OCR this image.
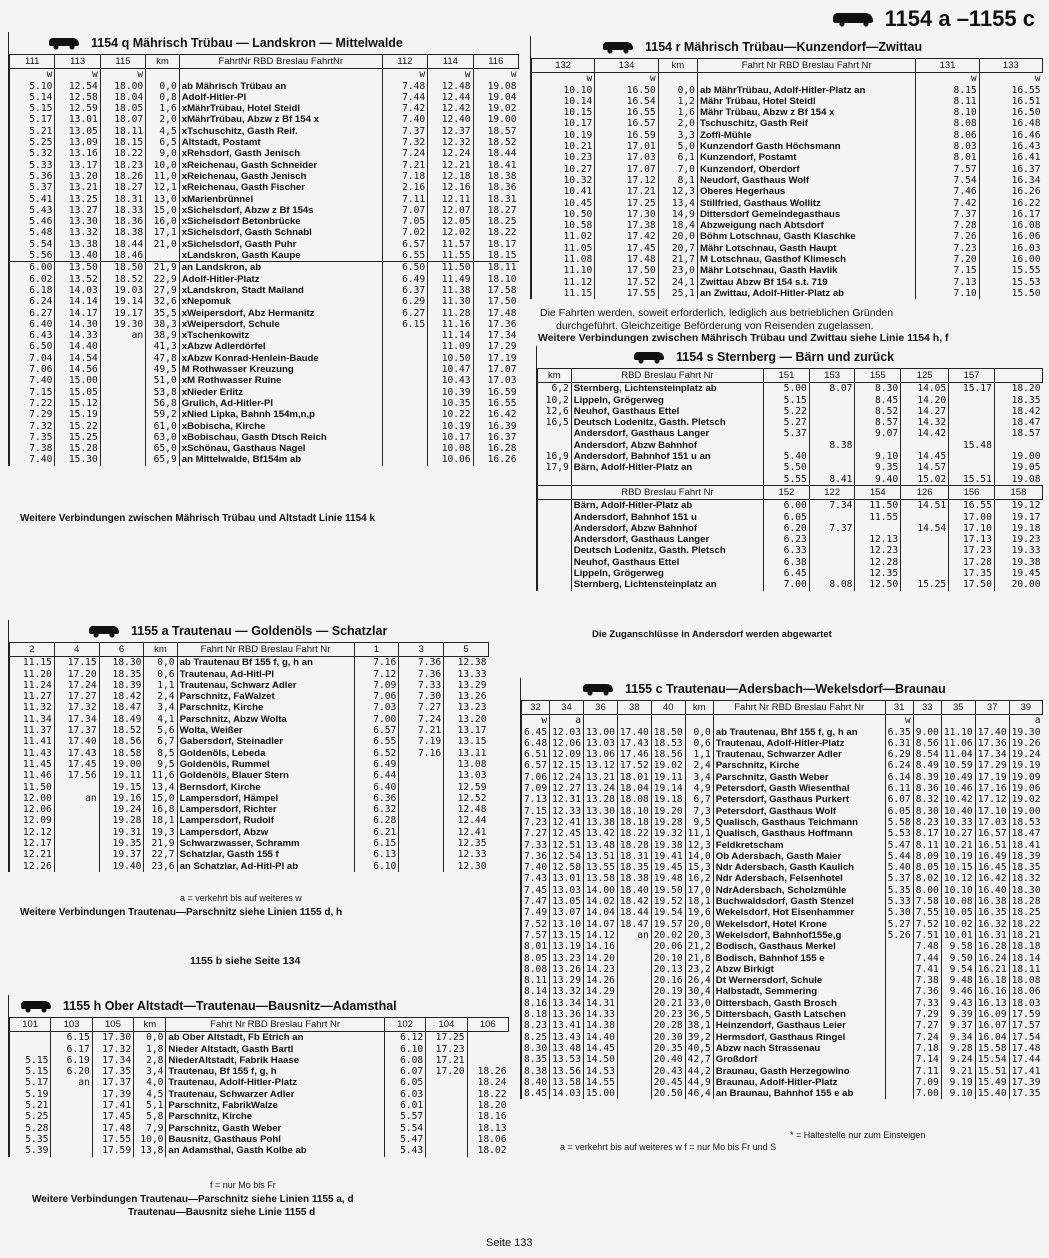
1154 a –1155 c
1154 q Mährisch Trübau — Landskron — Mittelwalde
111	113	115	km	FahrtNr RBD Breslau FahrtNr	112	114	116
w	w	w			w	w	w
5.10	12.54	18.00	0,0	ab Mährisch Trübau an	7.48	12.48	19.08
5.14	12.58	18.04	0,8	Adolf-Hitler-Pl	7.44	12.44	19.04
5.15	12.59	18.05	1,6	xMährTrübau, Hotel Steidl	7.42	12.42	19.02
5.17	13.01	18.07	2,0	xMährTrübau, Abzw z Bf 154 x	7.40	12.40	19.00
5.21	13.05	18.11	4,5	xTschuschitz, Gasth Reif.	7.37	12.37	18.57
5.25	13.09	18.15	6,5	Altstadt, Postamt	7.32	12.32	18.52
5.32	13.16	18.22	9,0	xRehsdorf, Gasth Jenisch	7.24	12.24	18.44
5.33	13.17	18.23	10,0	xReichenau, Gasth Schneider	7.21	12.21	18.41
5.36	13.20	18.26	11,0	xReichenau, Gasth Jenisch	7.18	12.18	18.38
5.37	13.21	18.27	12,1	xReichenau, Gasth Fischer	2.16	12.16	18.36
5.41	13.25	18.31	13,0	xMarienbrünnel	7.11	12.11	18.31
5.43	13.27	18.33	15,0	xSichelsdorf, Abzw z Bf 154s	7.07	12.07	18.27
5.46	13.30	18.36	16,0	xSichelsdorf Betonbrücke	7.05	12.05	18.25
5.48	13.32	18.38	17,1	xSichelsdorf, Gasth Schnabl	7.02	12.02	18.22
5.54	13.38	18.44	21,0	xSichelsdorf, Gasth Puhr	6.57	11.57	18.17
5.56	13.40	18.46		xLandskron, Gasth Kaupe	6.55	11.55	18.15
6.00	13.50	18.50	21,9	an Landskron, ab	6.50	11.50	18.11
6.02	13.52	18.52	22,9	Adolf-Hitler-Platz	6.49	11.49	18.10
6.18	14.03	19.03	27,9	xLandskron, Stadt Mailand	6.37	11.38	17.58
6.24	14.14	19.14	32,6	xNepomuk	6.29	11.30	17.50
6.27	14.17	19.17	35,5	xWeipersdorf, Abz Hermanitz	6.27	11.28	17.48
6.40	14.30	19.30	38,3	xWeipersdorf, Schule	6.15	11.16	17.36
6.43	14.33	an	38,9	xTschenkowitz		11.14	17.34
6.50	14.40		41,3	xAbzw Adlerdörfel		11.09	17.29
7.04	14.54		47,8	xAbzw Konrad-Henlein-Baude		10.50	17.19
7.06	14.56		49,5	M Rothwasser Kreuzung		10.47	17.07
7.40	15.00		51,0	xM Rothwasser Ruine		10.43	17.03
7.15	15.05		53,8	xNieder Erlitz		10.39	16.59
7.22	15.12		56,8	Grulich, Ad-Hitler-Pl		10.35	16.55
7.29	15.19		59,2	xNied Lipka, Bahnh 154m,n,p		10.22	16.42
7.32	15.22		61,0	xBobischa, Kirche		10.19	16.39
7.35	15.25		63,0	xBobischau, Gasth Dtsch Reich		10.17	16.37
7.38	15.28		65,0	xSchönau, Gasthaus Nagel		10.08	16.28
7.40	15.30		65,9	an Mittelwalde, Bf154m ab		10.06	16.26
1154 r Mährisch Trübau—Kunzendorf—Zwittau
132	134	km	Fahrt Nr RBD Breslau Fahrt Nr	131	133
w	w			w	w
10.10	16.50	0,0	ab MährTrübau, Adolf-Hitler-Platz an	8.15	16.55
10.14	16.54	1,2	Mähr Trübau, Hotel Steidl	8.11	16.51
10.15	16.55	1,6	Mähr Trübau, Abzw z Bf 154 x	8.10	16.50
10.17	16.57	2,0	Tschuschitz, Gasth Reif	8.08	16.48
10.19	16.59	3,3	Zoffl-Mühle	8.06	16.46
10.21	17.01	5,0	Kunzendorf Gasth Höchsmann	8.03	16.43
10.23	17.03	6,1	Kunzendorf, Postamt	8.01	16.41
10.27	17.07	7,0	Kunzendorf, Oberdorf	7.57	16.37
10.32	17.12	8,1	Neudorf, Gasthaus Wolf	7.54	16.34
10.41	17.21	12,3	Oberes Hegerhaus	7.46	16.26
10.45	17.25	13,4	Stillfried, Gasthaus Wollitz	7.42	16.22
10.50	17.30	14,9	Dittersdorf Gemeindegasthaus	7.37	16.17
10.58	17.38	18,4	Abzweigung nach Abtsdorf	7.28	16.08
11.02	17.42	20,0	Böhm Lotschnau, Gasth Klaschke	7.26	16.06
11.05	17.45	20,7	Mähr Lotschnau, Gasth Haupt	7.23	16.03
11.08	17.48	21,7	M Lotschnau, Gasthof Klimesch	7.20	16.00
11.10	17.50	23,0	Mähr Lotschnau, Gasth Havlik	7.15	15.55
11.12	17.52	24,1	Zwittau Abzw Bf 154 s.t. 719	7.13	15.53
11.15	17.55	25,1	an Zwittau, Adolf-Hitler-Platz ab	7.10	15.50
Die Fahrten werden, soweit erforderlich, lediglich aus betrieblichen Gründen
durchgeführt. Gleichzeitige Beförderung von Reisenden zugelassen.
Weitere Verbindungen zwischen Mährisch Trübau und Zwittau siehe Linie 1154 h, f
1154 s Sternberg — Bärn und zurück
km	RBD Breslau Fahrt Nr	151	153	155	125	157	
6,2	Sternberg, Lichtensteinplatz ab	5.00	8.07	8.30	14.05	15.17	18.20
10,2	Lippeln, Grögerweg	5.15		8.45	14.20		18.35
12,6	Neuhof, Gasthaus Ettel	5.22		8.52	14.27		18.42
16,5	Deutsch Lodenitz, Gasth. Pletsch	5.27		8.57	14.32		18.47
	Andersdorf, Gasthaus Langer	5.37		9.07	14.42		18.57
	Andersdorf, Abzw Bahnhof		8.38			15.48	
16,9	Andersdorf, Bahnhof 151 u an	5.40		9.10	14.45		19.00
17,9	Bärn, Adolf-Hitler-Platz an	5.50		9.35	14.57		19.05
		5.55	8.41	9.40	15.02	15.51	19.08
	RBD Breslau Fahrt Nr	152	122	154	126	156	158
	Bärn, Adolf-Hitler-Platz ab	6.00	7.34	11.50	14.51	16.55	19.12
	Andersdorf, Bahnhof 151 u	6.05		11.55		17.00	19.17
	Andersdorf, Abzw Bahnhof	6.20	7.37		14.54	17.10	19.18
	Andersdorf, Gasthaus Langer	6.23		12.13		17.13	19.23
	Deutsch Lodenitz, Gasth. Pletsch	6.33		12.23		17.23	19.33
	Neuhof, Gasthaus Ettel	6.38		12.28		17.28	19.38
	Lippeln, Grögerweg	6.45		12.35		17.35	19.45
	Sternberg, Lichtensteinplatz an	7.00	8.08	12.50	15.25	17.50	20.00
Die Zuganschlüsse in Andersdorf werden abgewartet
Weitere Verbindungen zwischen Mährisch Trübau und Altstadt Linie 1154 k
1155 a Trautenau — Goldenöls — Schatzlar
2	4	6	km	Fahrt Nr RBD Breslau Fahrt Nr	1	3	5
11.15	17.15	18.30	0,0	ab Trautenau Bf 155 f, g, h an	7.16	7.36	12.38
11.20	17.20	18.35	0,6	Trautenau, Ad-Hitl-Pl	7.12	7.36	13.33
11.24	17.24	18.39	1,1	Trautenau, Schwarz Adler	7.09	7.33	13.29
11.27	17.27	18.42	2,4	Parschnitz, FaWalzet	7.06	7.30	13.26
11.32	17.32	18.47	3,4	Parschnitz, Kirche	7.03	7.27	13.23
11.34	17.34	18.49	4,1	Parschnitz, Abzw Wolta	7.00	7.24	13.20
11.37	17.37	18.52	5,6	Wolta, Weißer	6.57	7.21	13.17
11.41	17.40	18.56	6,7	Gabersdorf, Steinadler	6.55	7.19	13.15
11.43	17.43	18.58	8,5	Goldenöls, Lebeda	6.52	7.16	13.11
11.45	17.45	19.00	9,5	Goldenöls, Rummel	6.49		13.08
11.46	17.56	19.11	11,6	Goldenöls, Blauer Stern	6.44		13.03
11.50		19.15	13,4	Bernsdorf, Kirche	6.40		12.59
12.00	an	19.16	15,0	Lampersdorf, Hämpel	6.36		12.52
12.06		19.24	16,8	Lampersdorf, Richter	6.32		12.48
12.09		19.28	18,1	Lampersdorf, Rudolf	6.28		12.44
12.12		19.31	19,3	Lampersdorf, Abzw	6.21		12.41
12.17		19.35	21,9	Schwarzwasser, Schramm	6.15		12.35
12.21		19.37	22,7	Schatzlar, Gasth 155 f	6.13		12.33
12.26		19.40	23,6	an Schatzlar, Ad-Hitl-Pl ab	6.10		12.30
a = verkehrt bis auf weiteres w
Weitere Verbindungen Trautenau—Parschnitz siehe Linien 1155 d, h
1155 b siehe Seite 134
1155 h Ober Altstadt—Trautenau—Bausnitz—Adamsthal
101	103	105	km	Fahrt Nr RBD Breslau Fahrt Nr	102	104	106
	6.15	17.30	0,0	ab Ober Altstadt, Fb Etrich an	6.12	17.25	
	6.17	17.32	1,8	Nieder Altstadt, Gasth Bartl	6.10	17.23	
5.15	6.19	17.34	2,8	NiederAltstadt, Fabrik Haase	6.08	17.21	
5.15	6.20	17.35	3,4	Trautenau, Bf 155 f, g, h	6.07	17.20	18.26
5.17	an	17.37	4,0	Trautenau, Adolf-Hitler-Platz	6.05		18.24
5.19		17.39	4,5	Trautenau, Schwarzer Adler	6.03		18.22
5.21		17.41	5,1	Parschnitz, FabrikWalze	6.01		18.20
5.25		17.45	5,8	Parschnitz, Kirche	5.57		18.16
5.28		17.48	7,9	Parschnitz, Gasth Weber	5.54		18.13
5.35		17.55	10,0	Bausnitz, Gasthaus Pohl	5.47		18.06
5.39		17.59	13,8	an Adamsthal, Gasth Kolbe ab	5.43		18.02
f = nur Mo bis Fr
Weitere Verbindungen Trautenau—Parschnitz siehe Linien 1155 a, d
Trautenau—Bausnitz siehe Linie 1155 d
1155 c Trautenau—Adersbach—Wekelsdorf—Braunau
32	34	36	38	40	km	Fahrt Nr RBD Breslau Fahrt Nr	31	33	35	37	39
w	a						w				a
6.45	12.03	13.00	17.40	18.50	0,0	ab Trautenau, Bhf 155 f, g, h an	6.35	9.00	11.10	17.40	19.30
6.48	12.06	13.03	17.43	18.53	0,6	Trautenau, Adolf-Hitler-Platz	6.31	8.56	11.06	17.36	19.26
6.51	12.09	13.06	17.46	18.56	1,1	Trautenau, Schwarzer Adler	6.29	8.54	11.04	17.34	19.24
6.57	12.15	13.12	17.52	19.02	2,4	Parschnitz, Kirche	6.24	8.49	10.59	17.29	19.19
7.06	12.24	13.21	18.01	19.11	3,4	Parschnitz, Gasth Weber	6.14	8.39	10.49	17.19	19.09
7.09	12.27	13.24	18.04	19.14	4,9	Petersdorf, Gasth Wiesenthal	6.11	8.36	10.46	17.16	19.06
7.13	12.31	13.28	18.08	19.18	6,7	Petersdorf, Gasthaus Purkert	6.07	8.32	10.42	17.12	19.02
7.15	12.33	13.30	18.10	19.20	7,3	Petersdorf, Gasthaus Wolf	6.05	8.30	10.40	17.10	19.00
7.23	12.41	13.38	18.18	19.28	9,5	Qualisch, Gasthaus Teichmann	5.58	8.23	10.33	17.03	18.53
7.27	12.45	13.42	18.22	19.32	11,1	Qualisch, Gasthaus Hoffmann	5.53	8.17	10.27	16.57	18.47
7.33	12.51	13.48	18.28	19.38	12,3	Feldkretscham	5.47	8.11	10.21	16.51	18.41
7.36	12.54	13.51	18.31	19.41	14,0	Ob Adersbach, Gasth Maier	5.44	8.09	10.19	16.49	18.39
7.40	12.58	13.55	18.35	19.45	15,3	Ndr Adersbach, Gasth Kaulich	5.40	8.05	10.15	16.45	18.35
7.43	13.01	13.58	18.38	19.48	16,2	Ndr Adersbach, Felsenhotel	5.37	8.02	10.12	16.42	18.32
7.45	13.03	14.00	18.40	19.50	17,0	NdrAdersbach, Scholzmühle	5.35	8.00	10.10	16.40	18.30
7.47	13.05	14.02	18.42	19.52	18,1	Buchwaldsdorf, Gasth Stenzel	5.33	7.58	10.08	16.38	18.28
7.49	13.07	14.04	18.44	19.54	19,6	Wekelsdorf, Hot Eisenhammer	5.30	7.55	10.05	16.35	18.25
7.52	13.10	14.07	18.47	19.57	20,0	Wekelsdorf, Hotel Krone	5.27	7.52	10.02	16.32	18.22
7.57	13.15	14.12	an	20.02	20,3	Wekelsdorf, Bahnhof155e,g	5.26	7.51	10.01	16.31	18.21
8.01	13.19	14.16		20.06	21,2	Bodisch, Gasthaus Merkel		7.48	9.58	16.28	18.18
8.05	13.23	14.20		20.10	21,8	Bodisch, Bahnhof 155 e		7.44	9.50	16.24	18.14
8.08	13.26	14.23		20.13	23,2	Abzw Birkigt		7.41	9.54	16.21	18.11
8.11	13.29	14.26		20.16	26,4	Dt Wernersdorf, Schule		7.38	9.48	16.18	18.08
8.14	13.32	14.29		20.19	30,4	Halbstadt, Semmering		7.36	9.46	16.16	18.06
8.16	13.34	14.31		20.21	33,0	Dittersbach, Gasth Brosch		7.33	9.43	16.13	18.03
8.18	13.36	14.33		20.23	36,5	Dittersbach, Gasth Latschen		7.29	9.39	16.09	17.59
8.23	13.41	14.38		20.28	38,1	Heinzendorf, Gasthaus Leier		7.27	9.37	16.07	17.57
8.25	13.43	14.40		20.30	39,2	Hermsdorf, Gasthaus Ringel		7.24	9.34	16.04	17.54
8.30	13.48	14.45		20.35	40,5	Abzw nach Strassenau		7.18	9.28	15.58	17.48
8.35	13.53	14.50		20.40	42,7	Großdorf		7.14	9.24	15.54	17.44
8.38	13.56	14.53		20.43	44,2	Braunau, Gasth Herzegowino		7.11	9.21	15.51	17.41
8.40	13.58	14.55		20.45	44,9	Braunau, Adolf-Hitler-Platz		7.09	9.19	15.49	17.39
8.45	14.03	15.00		20.50	46,4	an Braunau, Bahnhof 155 e ab		7.00	9.10	15.40	17.35
* = Haltestelle nur zum Einsteigen
a = verkehrt bis auf weiteres w f = nur Mo bis Fr und S
Seite 133
